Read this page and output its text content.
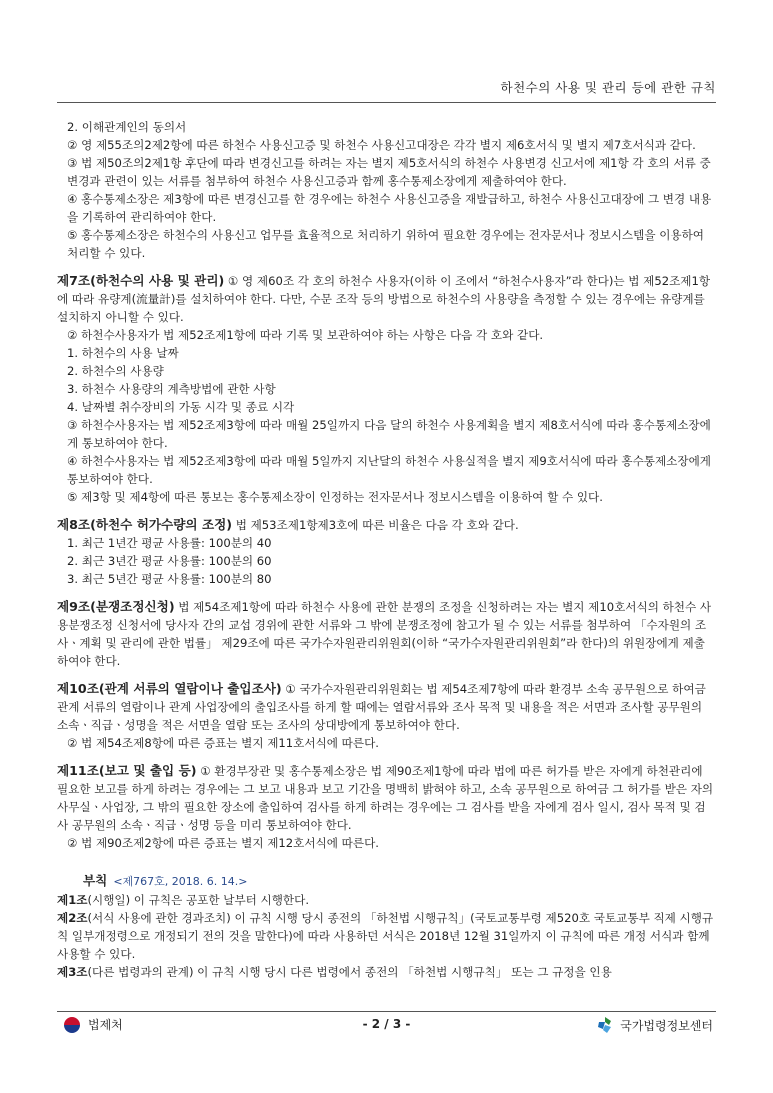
하천수의 사용 및 관리 등에 관한 규칙

2. 이해관계인의 동의서

② 영 제55조의2제2항에 따른 하천수 사용신고증 및 하천수 사용신고대장은 각각 별지 제6호서식 및 별지 제7호서식과 같다.

③ 법 제50조의2제1항 후단에 따라 변경신고를 하려는 자는 별지 제5호서식의 하천수 사용변경 신고서에 제1항 각 호의 서류 중 변경과 관련이 있는 서류를 첨부하여 하천수 사용신고증과 함께 홍수통제소장에게 제출하여야 한다.

④ 홍수통제소장은 제3항에 따른 변경신고를 한 경우에는 하천수 사용신고증을 재발급하고, 하천수 사용신고대장에 그 변경 내용을 기록하여 관리하여야 한다.

⑤ 홍수통제소장은 하천수의 사용신고 업무를 효율적으로 처리하기 위하여 필요한 경우에는 전자문서나 정보시스템을 이용하여 처리할 수 있다.

제7조(하천수의 사용 및 관리) ① 영 제60조 각 호의 하천수 사용자(이하 이 조에서 “하천수사용자”라 한다)는 법 제52조제1항에 따라 유량계(流量計)를 설치하여야 한다. 다만, 수문 조작 등의 방법으로 하천수의 사용량을 측정할 수 있는 경우에는 유량계를 설치하지 아니할 수 있다.

② 하천수사용자가 법 제52조제1항에 따라 기록 및 보관하여야 하는 사항은 다음 각 호와 같다.

1. 하천수의 사용 날짜

2. 하천수의 사용량

3. 하천수 사용량의 계측방법에 관한 사항

4. 날짜별 취수장비의 가동 시각 및 종료 시각

③ 하천수사용자는 법 제52조제3항에 따라 매월 25일까지 다음 달의 하천수 사용계획을 별지 제8호서식에 따라 홍수통제소장에게 통보하여야 한다.

④ 하천수사용자는 법 제52조제3항에 따라 매월 5일까지 지난달의 하천수 사용실적을 별지 제9호서식에 따라 홍수통제소장에게 통보하여야 한다.

⑤ 제3항 및 제4항에 따른 통보는 홍수통제소장이 인정하는 전자문서나 정보시스템을 이용하여 할 수 있다.

제8조(하천수 허가수량의 조정) 법 제53조제1항제3호에 따른 비율은 다음 각 호와 같다.

1. 최근 1년간 평균 사용률: 100분의 40

2. 최근 3년간 평균 사용률: 100분의 60

3. 최근 5년간 평균 사용률: 100분의 80

제9조(분쟁조정신청) 법 제54조제1항에 따라 하천수 사용에 관한 분쟁의 조정을 신청하려는 자는 별지 제10호서식의 하천수 사용분쟁조정 신청서에 당사자 간의 교섭 경위에 관한 서류와 그 밖에 분쟁조정에 참고가 될 수 있는 서류를 첨부하여 「수자원의 조사ㆍ계획 및 관리에 관한 법률」 제29조에 따른 국가수자원관리위원회(이하 “국가수자원관리위원회”라 한다)의 위원장에게 제출하여야 한다.

제10조(관계 서류의 열람이나 출입조사) ① 국가수자원관리위원회는 법 제54조제7항에 따라 환경부 소속 공무원으로 하여금 관계 서류의 열람이나 관계 사업장에의 출입조사를 하게 할 때에는 열람서류와 조사 목적 및 내용을 적은 서면과 조사할 공무원의 소속ㆍ직급ㆍ성명을 적은 서면을 열람 또는 조사의 상대방에게 통보하여야 한다.

② 법 제54조제8항에 따른 증표는 별지 제11호서식에 따른다.

제11조(보고 및 출입 등) ① 환경부장관 및 홍수통제소장은 법 제90조제1항에 따라 법에 따른 허가를 받은 자에게 하천관리에 필요한 보고를 하게 하려는 경우에는 그 보고 내용과 보고 기간을 명백히 밝혀야 하고, 소속 공무원으로 하여금 그 허가를 받은 자의 사무실ㆍ사업장, 그 밖의 필요한 장소에 출입하여 검사를 하게 하려는 경우에는 그 검사를 받을 자에게 검사 일시, 검사 목적 및 검사 공무원의 소속ㆍ직급ㆍ성명 등을 미리 통보하여야 한다.

② 법 제90조제2항에 따른 증표는 별지 제12호서식에 따른다.

부칙 <제767호, 2018. 6. 14.>

제1조(시행일) 이 규칙은 공포한 날부터 시행한다.

제2조(서식 사용에 관한 경과조치) 이 규칙 시행 당시 종전의 「하천법 시행규칙」(국토교통부령 제520호 국토교통부 직제 시행규칙 일부개정령으로 개정되기 전의 것을 말한다)에 따라 사용하던 서식은 2018년 12월 31일까지 이 규칙에 따른 개정 서식과 함께 사용할 수 있다.

제3조(다른 법령과의 관계) 이 규칙 시행 당시 다른 법령에서 종전의 「하천법 시행규칙」 또는 그 규정을 인용

법제처	- 2 / 3 -	국가법령정보센터
